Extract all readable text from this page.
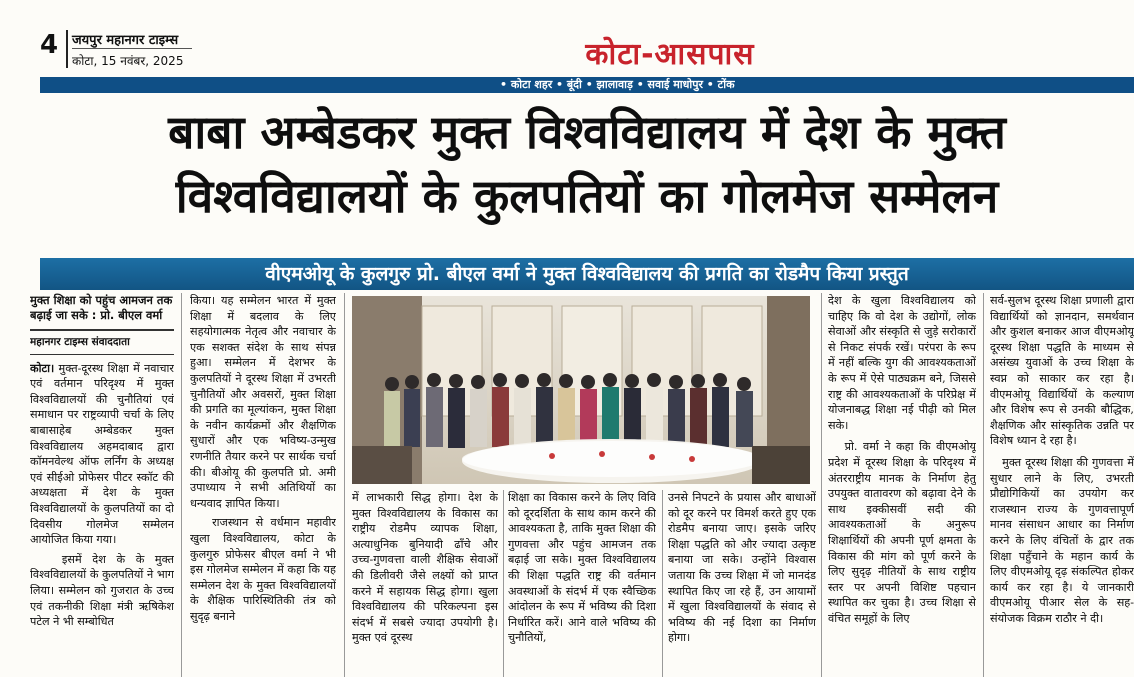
4 जयपुर महानगर टाइम्स
कोटा, 15 नवंबर, 2025	कोटा-आसपास
• कोटा शहर • बूंदी • झालावाड़ • सवाई माधोपुर • टोंक
बाबा अम्बेडकर मुक्त विश्वविद्यालय में देश के मुक्त
विश्वविद्यालयों के कुलपतियों का गोलमेज सम्मेलन
वीएमओयू के कुलगुरु प्रो. बीएल वर्मा ने मुक्त विश्वविद्यालय की प्रगति का रोडमैप किया प्रस्तुत
मुक्त शिक्षा को पहुंच आमजन तक बढ़ाई जा सके : प्रो. बीएल वर्मा
महानगर टाइम्स संवाददाता

कोटा। मुक्त-दूरस्थ शिक्षा में नवाचार एवं वर्तमान परिदृश्य में मुक्त विश्वविद्यालयों की चुनौतियां एवं समाधान पर राष्ट्रव्यापी चर्चा के लिए बाबासाहेब अम्बेडकर मुक्त विश्वविद्यालय अहमदाबाद द्वारा कॉमनवेल्थ ऑफ लर्निंग के अध्यक्ष एवं सीईओ प्रोफेसर पीटर स्कॉट की अध्यक्षता में देश के मुक्त विश्वविद्यालयों के कुलपतियों का दो दिवसीय गोलमेज सम्मेलन आयोजित किया गया।

इसमें देश के के मुक्त विश्वविद्यालयों के कुलपतियों ने भाग लिया। सम्मेलन को गुजरात के उच्च एवं तकनीकी शिक्षा मंत्री ऋषिकेश पटेल ने भी सम्बोधित

किया। यह सम्मेलन भारत में मुक्त शिक्षा में बदलाव के लिए सहयोगात्मक नेतृत्व और नवाचार के एक सशक्त संदेश के साथ संपन्न हुआ। सम्मेलन में देशभर के कुलपतियों ने दूरस्थ शिक्षा में उभरती चुनौतियों और अवसरों, मुक्त शिक्षा की प्रगति का मूल्यांकन, मुक्त शिक्षा के नवीन कार्यक्रमों और शैक्षणिक सुधारों और एक भविष्य-उन्मुख रणनीति तैयार करने पर सार्थक चर्चा की। बीओयू की कुलपति प्रो. अमी उपाध्याय ने सभी अतिथियों का धन्यवाद ज्ञापित किया।

राजस्थान से वर्धमान महावीर खुला विश्वविद्यालय, कोटा के कुलगुरु प्रोफेसर बीएल वर्मा ने भी इस गोलमेज सम्मेलन में कहा कि यह सम्मेलन देश के मुक्त विश्वविद्यालयों के शैक्षिक पारिस्थितिकी तंत्र को सुदृढ़ बनाने

में लाभकारी सिद्ध होगा। देश के मुक्त विश्वविद्यालय के विकास का राष्ट्रीय रोडमैप व्यापक शिक्षा, अत्याधुनिक बुनियादी ढाँचे और उच्च-गुणवत्ता वाली शैक्षिक सेवाओं की डिलीवरी जैसे लक्ष्यों को प्राप्त करने में सहायक सिद्ध होगा। खुला विश्वविद्यालय की परिकल्पना इस संदर्भ में सबसे ज्यादा उपयोगी है। मुक्त एवं दूरस्थ

शिक्षा का विकास करने के लिए विवि को दूरदर्शिता के साथ काम करने की आवश्यकता है, ताकि मुक्त शिक्षा की गुणवत्ता और पहुंच आमजन तक बढ़ाई जा सके। मुक्त विश्वविद्यालय की शिक्षा पद्धति राष्ट्र की वर्तमान अवस्थाओं के संदर्भ में एक स्वैच्छिक आंदोलन के रूप में भविष्य की दिशा निर्धारित करें। आने वाले भविष्य की चुनौतियों,

उनसे निपटने के प्रयास और बाधाओं को दूर करने पर विमर्श करते हुए एक रोडमैप बनाया जाए। इसके जरिए शिक्षा पद्धति को और ज्यादा उत्कृष्ट बनाया जा सके। उन्होंने विश्वास जताया कि उच्च शिक्षा में जो मानदंड स्थापित किए जा रहे हैं, उन आयामों में खुला विश्वविद्यालयों के संवाद से भविष्य की नई दिशा का निर्माण होगा।

देश के खुला विश्वविद्यालय को चाहिए कि वो देश के उद्योगों, लोक सेवाओं और संस्कृति से जुड़े सरोकारों से निकट संपर्क रखें। परंपरा के रूप में नहीं बल्कि युग की आवश्यकताओं के रूप में ऐसे पाठ्यक्रम बने, जिससे राष्ट्र की आवश्यकताओं के परिप्रेक्ष में योजनाबद्ध शिक्षा नई पीढ़ी को मिल सके।

प्रो. वर्मा ने कहा कि वीएमओयू प्रदेश में दूरस्थ शिक्षा के परिदृश्य में अंतरराष्ट्रीय मानक के निर्माण हेतु उपयुक्त वातावरण को बढ़ावा देने के साथ इक्कीसवीं सदी की आवश्यकताओं के अनुरूप शिक्षार्थियों की अपनी पूर्ण क्षमता के विकास की मांग को पूर्ण करने के लिए सुदृढ़ नीतियों के साथ राष्ट्रीय स्तर पर अपनी विशिष्ट पहचान स्थापित कर चुका है। उच्च शिक्षा से वंचित समूहों के लिए

सर्व-सुलभ दूरस्थ शिक्षा प्रणाली द्वारा विद्यार्थियों को ज्ञानदान, समर्थवान और कुशल बनाकर आज वीएमओयू दूरस्थ शिक्षा पद्धति के माध्यम से असंख्य युवाओं के उच्च शिक्षा के स्वप्न को साकार कर रहा है। वीएमओयू विद्यार्थियों के कल्याण और विशेष रूप से उनकी बौद्धिक, शैक्षणिक और सांस्कृतिक उन्नति पर विशेष ध्यान दे रहा है।

मुक्त दूरस्थ शिक्षा की गुणवत्ता में सुधार लाने के लिए, उभरती प्रौद्योगिकियों का उपयोग कर राजस्थान राज्य के गुणवत्तापूर्ण मानव संसाधन आधार का निर्माण करने के लिए वंचितों के द्वार तक शिक्षा पहुँचाने के महान कार्य के लिए वीएमओयू दृढ़ संकल्पित होकर कार्य कर रहा है। ये जानकारी वीएमओयू पीआर सेल के सह-संयोजक विक्रम राठौर ने दी।
